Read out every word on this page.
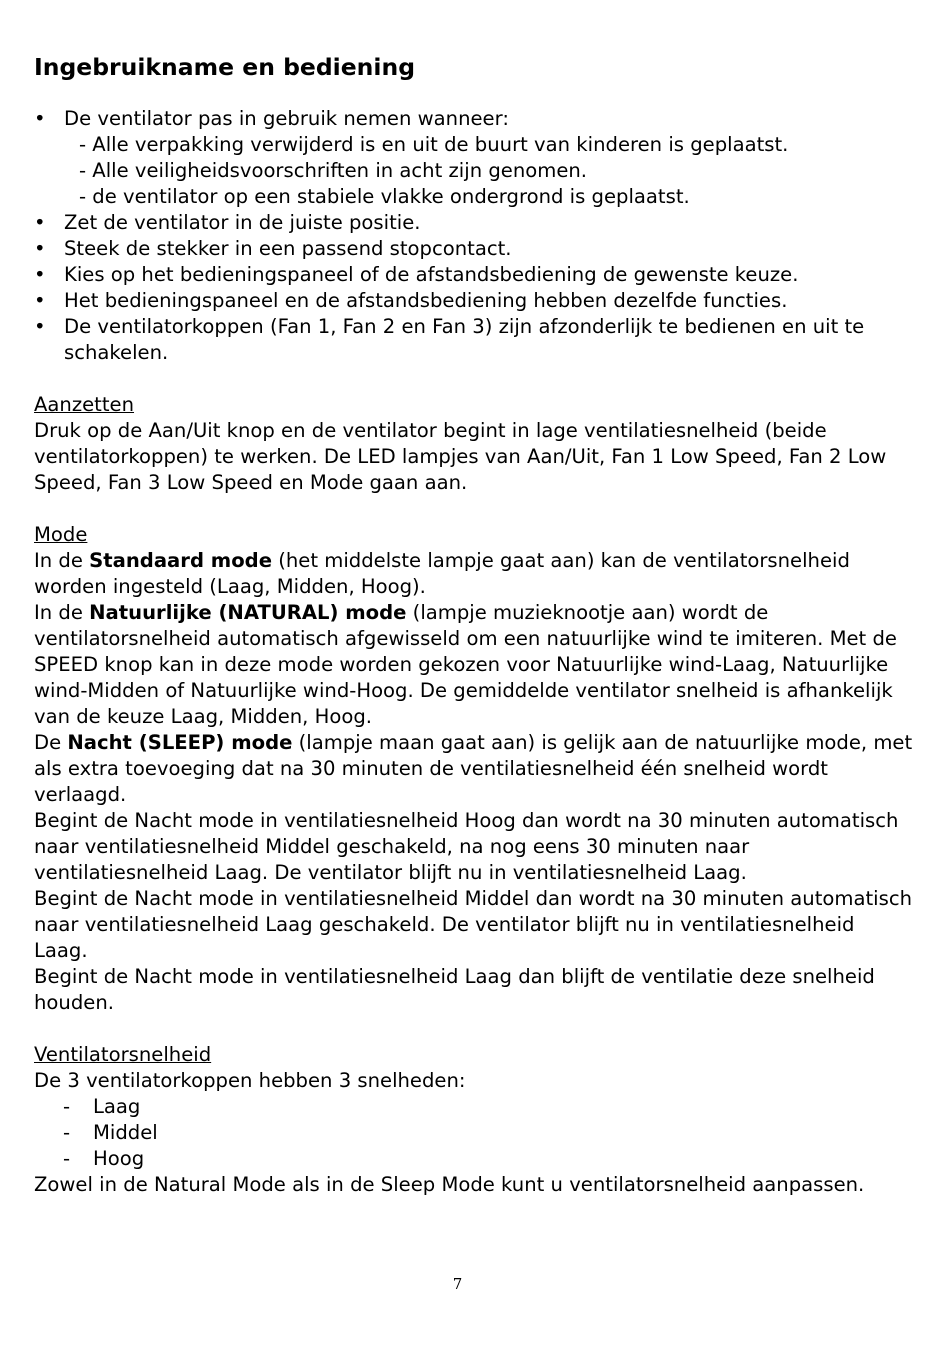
Ingebruikname en bediening
• De ventilator pas in gebruik nemen wanneer:
- Alle verpakking verwijderd is en uit de buurt van kinderen is geplaatst.
- Alle veiligheidsvoorschriften in acht zijn genomen.
- de ventilator op een stabiele vlakke ondergrond is geplaatst.
• Zet de ventilator in de juiste positie.
• Steek de stekker in een passend stopcontact.
• Kies op het bedieningspaneel of de afstandsbediening de gewenste keuze.
• Het bedieningspaneel en de afstandsbediening hebben dezelfde functies.
• De ventilatorkoppen (Fan 1, Fan 2 en Fan 3) zijn afzonderlijk te bedienen en uit te schakelen.
Aanzetten

Druk op de Aan/Uit knop en de ventilator begint in lage ventilatiesnelheid (beide ventilatorkoppen) te werken. De LED lampjes van Aan/Uit, Fan 1 Low Speed, Fan 2 Low Speed, Fan 3 Low Speed en Mode gaan aan.

Mode

In de Standaard mode (het middelste lampje gaat aan) kan de ventilatorsnelheid worden ingesteld (Laag, Midden, Hoog).

In de Natuurlijke (NATURAL) mode (lampje muzieknootje aan) wordt de ventilatorsnelheid automatisch afgewisseld om een natuurlijke wind te imiteren. Met de SPEED knop kan in deze mode worden gekozen voor Natuurlijke wind-Laag, Natuurlijke wind-Midden of Natuurlijke wind-Hoog. De gemiddelde ventilator snelheid is afhankelijk van de keuze Laag, Midden, Hoog.

De Nacht (SLEEP) mode (lampje maan gaat aan) is gelijk aan de natuurlijke mode, met als extra toevoeging dat na 30 minuten de ventilatiesnelheid één snelheid wordt verlaagd.

Begint de Nacht mode in ventilatiesnelheid Hoog dan wordt na 30 minuten automatisch naar ventilatiesnelheid Middel geschakeld, na nog eens 30 minuten naar ventilatiesnelheid Laag. De ventilator blijft nu in ventilatiesnelheid Laag.

Begint de Nacht mode in ventilatiesnelheid Middel dan wordt na 30 minuten automatisch naar ventilatiesnelheid Laag geschakeld. De ventilator blijft nu in ventilatiesnelheid Laag.

Begint de Nacht mode in ventilatiesnelheid Laag dan blijft de ventilatie deze snelheid houden.

Ventilatorsnelheid

De 3 ventilatorkoppen hebben 3 snelheden:

- Laag
- Middel
- Hoog

Zowel in de Natural Mode als in de Sleep Mode kunt u ventilatorsnelheid aanpassen.

7
